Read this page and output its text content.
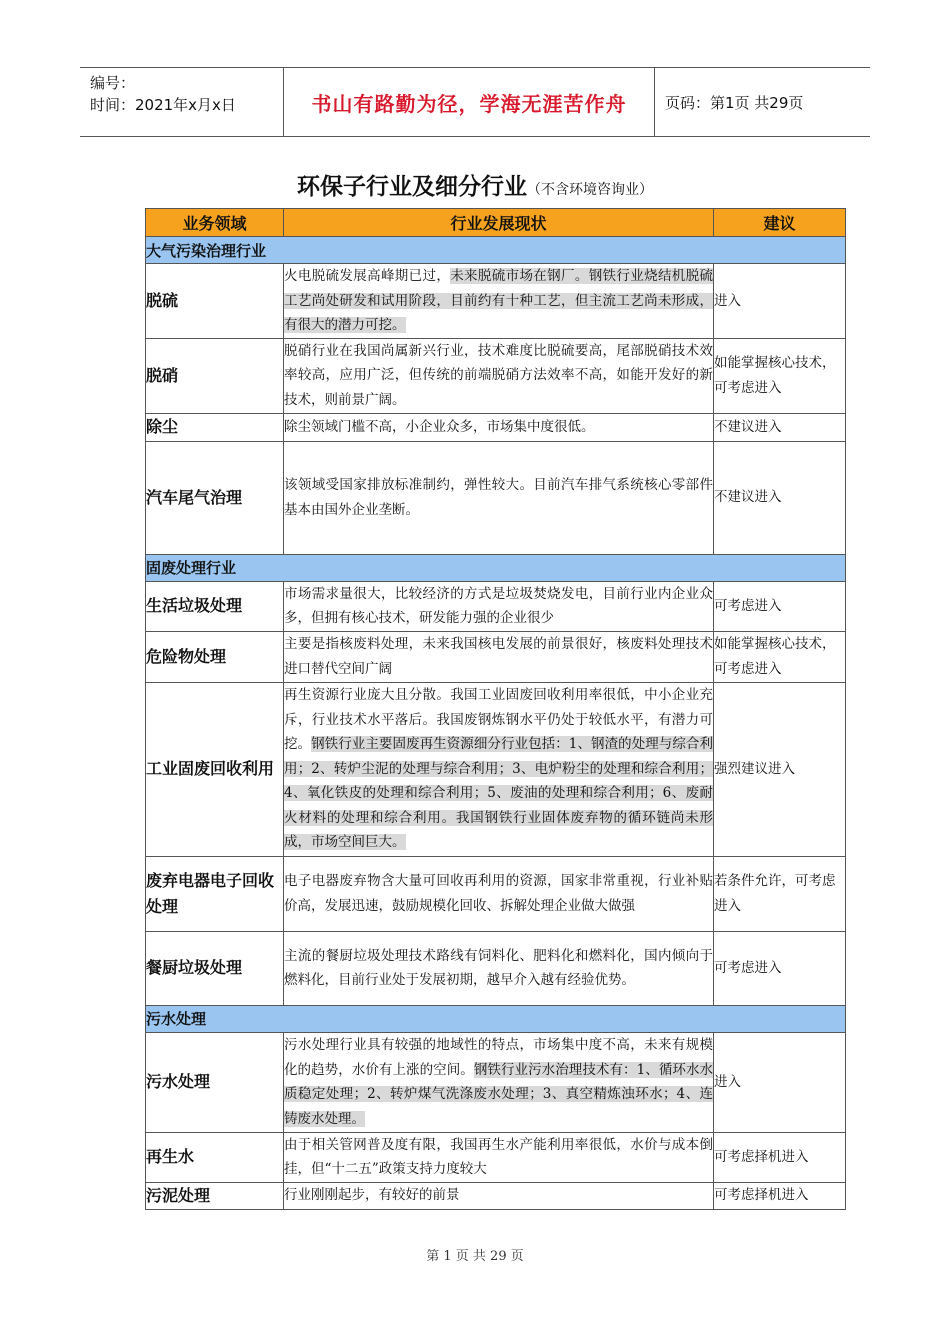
编号：
时间：2021年x月x日	书山有路勤为径，学海无涯苦作舟	页码：第1页 共29页
环保子行业及细分行业（不含环境咨询业）
业务领域	行业发展现状	建议
大气污染治理行业		
脱硫	火电脱硫发展高峰期已过，未来脱硫市场在钢厂。钢铁行业烧结机脱硫工艺尚处研发和试用阶段，目前约有十种工艺，但主流工艺尚未形成，有很大的潜力可挖。	进入
脱硝	脱硝行业在我国尚属新兴行业，技术难度比脱硫要高，尾部脱硝技术效率较高，应用广泛，但传统的前端脱硝方法效率不高，如能开发好的新技术，则前景广阔。	如能掌握核心技术，可考虑进入
除尘	除尘领域门槛不高，小企业众多，市场集中度很低。	不建议进入
汽车尾气治理	该领域受国家排放标准制约，弹性较大。目前汽车排气系统核心零部件基本由国外企业垄断。	不建议进入
固废处理行业		
生活垃圾处理	市场需求量很大，比较经济的方式是垃圾焚烧发电，目前行业内企业众多，但拥有核心技术，研发能力强的企业很少	可考虑进入
危险物处理	主要是指核废料处理，未来我国核电发展的前景很好，核废料处理技术进口替代空间广阔	如能掌握核心技术，可考虑进入
工业固废回收利用	再生资源行业庞大且分散。我国工业固废回收利用率很低，中小企业充斥，行业技术水平落后。我国废钢炼钢水平仍处于较低水平，有潜力可挖。钢铁行业主要固废再生资源细分行业包括：1、钢渣的处理与综合利用；2、转炉尘泥的处理与综合利用；3、电炉粉尘的处理和综合利用；4、氧化铁皮的处理和综合利用；5、废油的处理和综合利用；6、废耐火材料的处理和综合利用。我国钢铁行业固体废弃物的循环链尚未形成，市场空间巨大。	强烈建议进入
废弃电器电子回收处理	电子电器废弃物含大量可回收再利用的资源，国家非常重视，行业补贴价高，发展迅速，鼓励规模化回收、拆解处理企业做大做强	若条件允许，可考虑进入
餐厨垃圾处理	主流的餐厨垃圾处理技术路线有饲料化、肥料化和燃料化，国内倾向于燃料化，目前行业处于发展初期，越早介入越有经验优势。	可考虑进入
污水处理		
污水处理	污水处理行业具有较强的地域性的特点，市场集中度不高，未来有规模化的趋势，水价有上涨的空间。钢铁行业污水治理技术有：1、循环水水质稳定处理；2、转炉煤气洗涤废水处理；3、真空精炼浊环水；4、连铸废水处理。	进入
再生水	由于相关管网普及度有限，我国再生水产能利用率很低，水价与成本倒挂，但“十二五”政策支持力度较大	可考虑择机进入
污泥处理	行业刚刚起步，有较好的前景	可考虑择机进入
第 1 页 共 29 页
